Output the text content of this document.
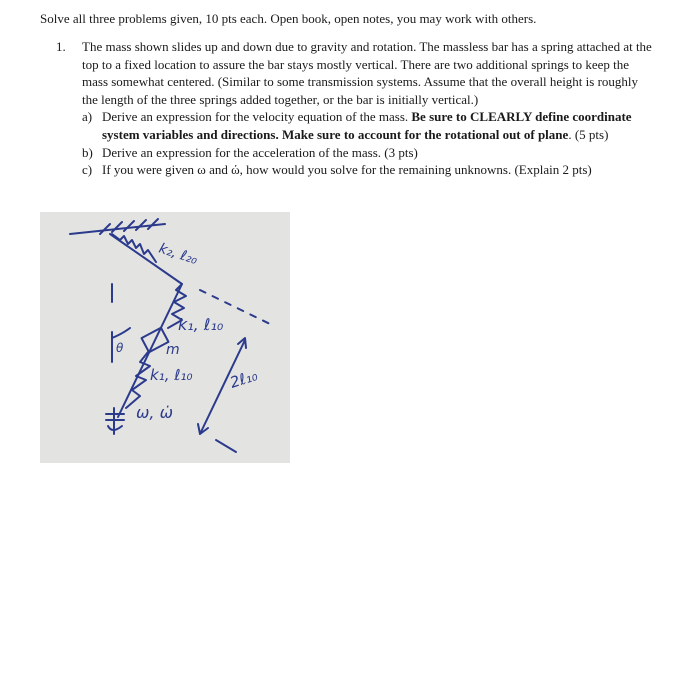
Solve all three problems given, 10 pts each. Open book, open notes, you may work with others.
1. The mass shown slides up and down due to gravity and rotation. The massless bar has a spring attached at the top to a fixed location to assure the bar stays mostly vertical. There are two additional springs to keep the mass somewhat centered. (Similar to some transmission systems. Assume that the overall height is roughly the length of the three springs added together, or the bar is initially vertical.)
a) Derive an expression for the velocity equation of the mass. Be sure to CLEARLY define coordinate system variables and directions. Make sure to account for the rotational out of plane. (5 pts)
b) Derive an expression for the acceleration of the mass. (3 pts)
c) If you were given ω and ώ, how would you solve for the remaining unknowns. (Explain 2 pts)
k₂, ℓ₂₀
k₁, ℓ₁₀
m
k₁, ℓ₁₀
ω, ω̇
θ
2ℓ₁₀
